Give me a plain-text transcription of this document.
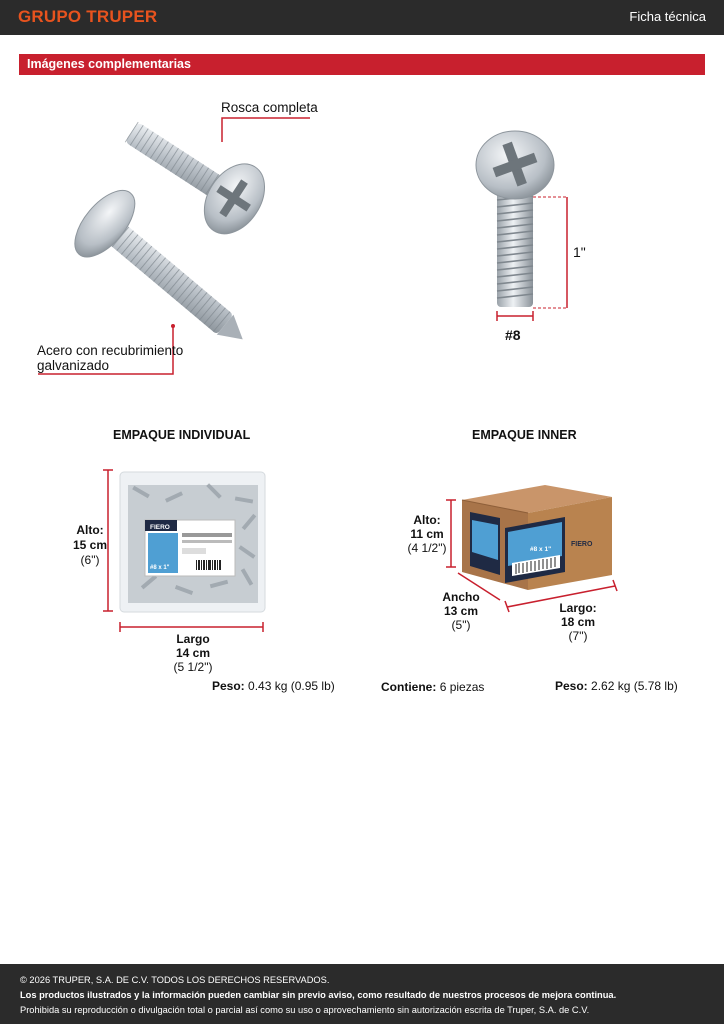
GRUPO TRUPER	Ficha técnica
Imágenes complementarias
FIERO
#8 x 1"
FIERO
#8 x 1"
Rosca completa
Acero con recubrimiento
galvanizado
1"
#8
EMPAQUE INDIVIDUAL
Alto:
15 cm
(6")
Largo
14 cm
(5 1/2")
Peso: 0.43 kg (0.95 lb)
EMPAQUE INNER
Alto:
11 cm
(4 1/2")
Ancho
13 cm
(5")
Largo:
18 cm
(7")
Contiene: 6 piezas	Peso: 2.62 kg (5.78 lb)
© 2026 TRUPER, S.A. DE C.V. TODOS LOS DERECHOS RESERVADOS.
Los productos ilustrados y la información pueden cambiar sin previo aviso, como resultado de nuestros procesos de mejora continua.
Prohibida su reproducción o divulgación total o parcial así como su uso o aprovechamiento sin autorización escrita de Truper, S.A. de C.V.
